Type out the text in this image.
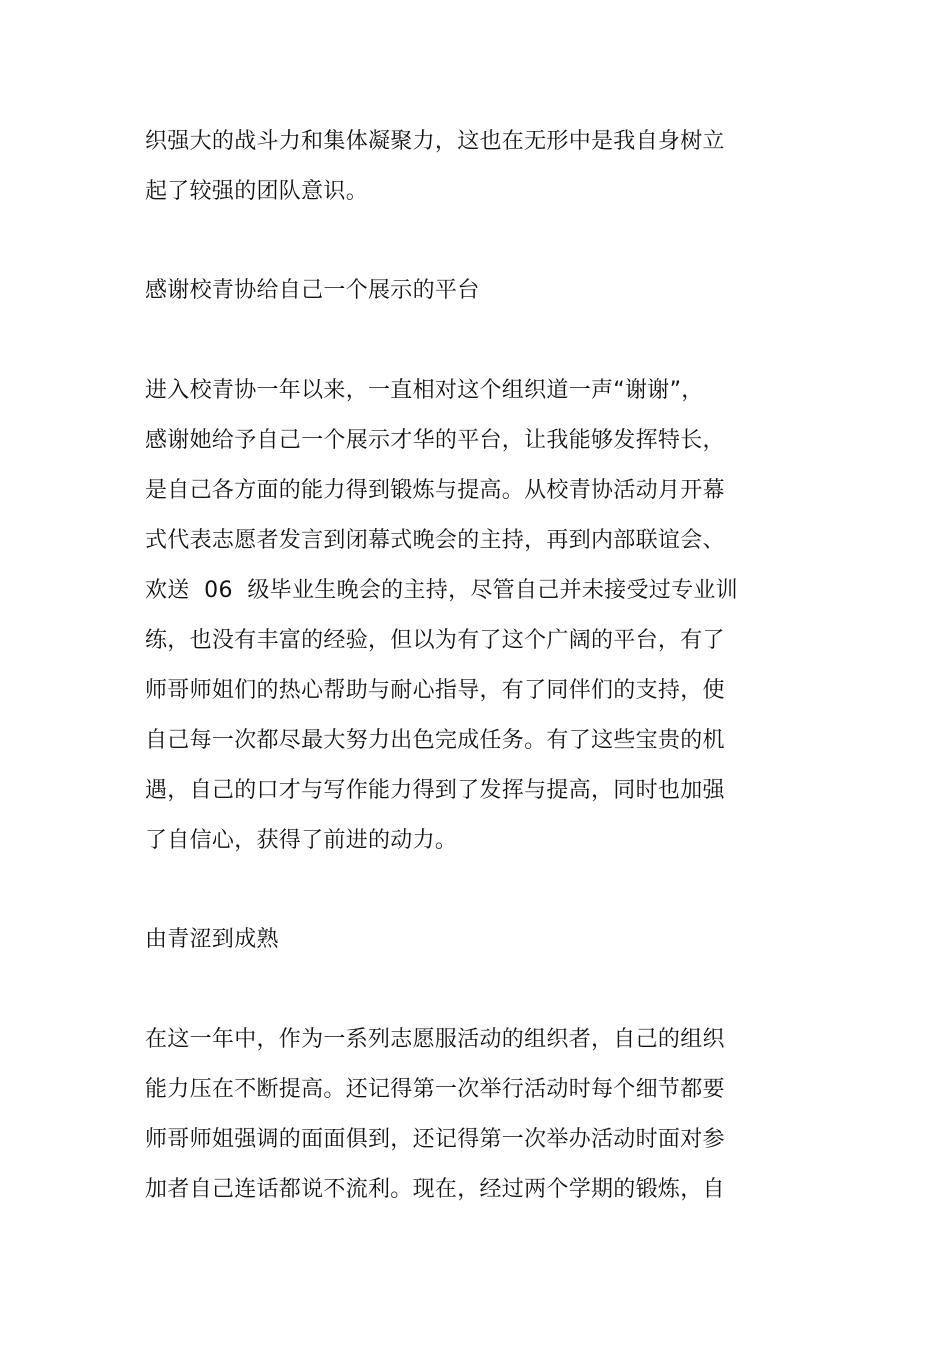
织强大的战斗力和集体凝聚力，这也在无形中是我自身树立
起了较强的团队意识。
感谢校青协给自己一个展示的平台
进入校青协一年以来，一直相对这个组织道一声“谢谢”，
感谢她给予自己一个展示才华的平台，让我能够发挥特长，
是自己各方面的能力得到锻炼与提高。从校青协活动月开幕
式代表志愿者发言到闭幕式晚会的主持，再到内部联谊会、
欢送  06  级毕业生晚会的主持，尽管自己并未接受过专业训
练，也没有丰富的经验，但以为有了这个广阔的平台，有了
师哥师姐们的热心帮助与耐心指导，有了同伴们的支持，使
自己每一次都尽最大努力出色完成任务。有了这些宝贵的机
遇，自己的口才与写作能力得到了发挥与提高，同时也加强
了自信心，获得了前进的动力。
由青涩到成熟
在这一年中，作为一系列志愿服活动的组织者，自己的组织
能力压在不断提高。还记得第一次举行活动时每个细节都要
师哥师姐强调的面面俱到，还记得第一次举办活动时面对参
加者自己连话都说不流利。现在，经过两个学期的锻炼，自
